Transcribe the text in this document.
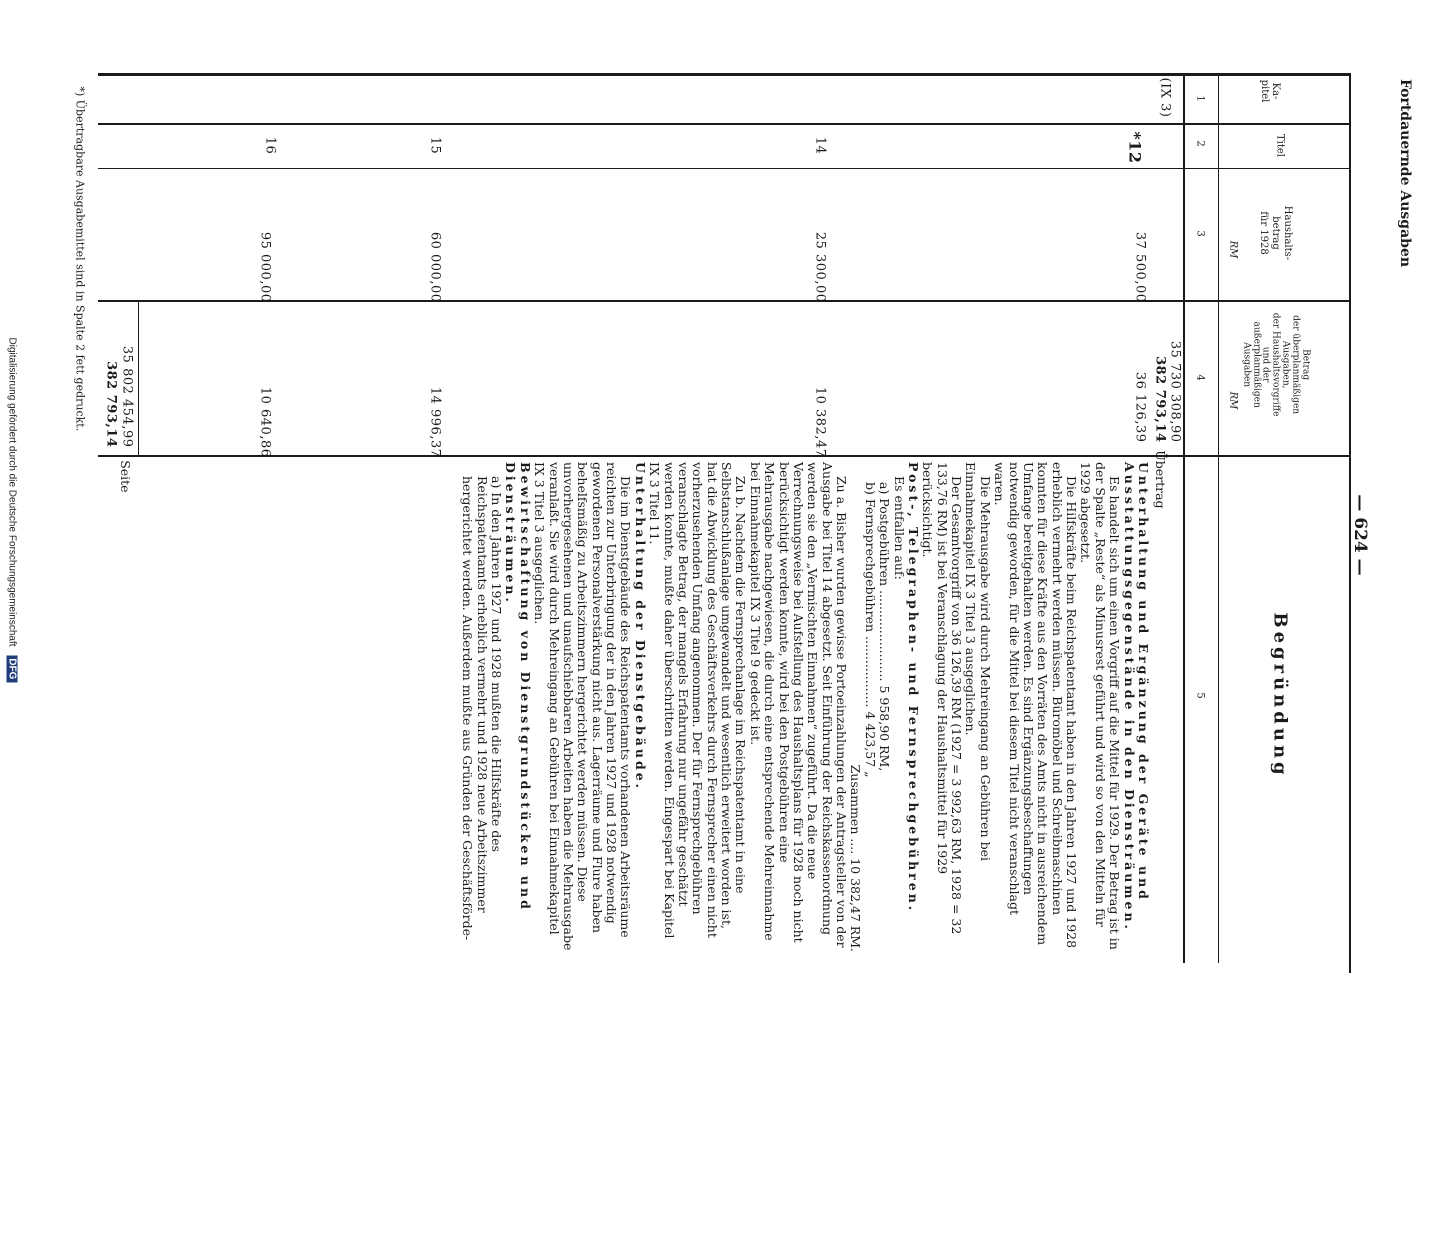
Fortdauernde Ausgaben
— 624 —
Begründung
Ka-
pitel
Titel
Haushalts-
betrag
für 1928
Betrag
der überplanmäßigen
Ausgaben,
der Haushaltsvorgriffe
und der
außerplanmäßigen
Ausgaben
1
2
3
4
5
RM
RM
(IX 3)
*12
37 500,00
35 730 308,90
382 793,14
36 126,39
14
25 300,00
10 382,47
15
60 000,00
14 996,37
16
95 000,00
10 640,86
35 802 454,99
382 793,14
Seite	Übertrag

Unterhaltung und Ergänzung der Geräte und Ausstattungsgegenstände in den Diensträumen.

Es handelt sich um einen Vorgriff auf die Mittel für 1929. Der Betrag ist in der Spalte „Reste“ als Minusrest geführt und wird so von den Mitteln für 1929 abgesetzt.

Die Hilfskräfte beim Reichspatentamt haben in den Jahren 1927 und 1928 erheblich vermehrt werden müssen. Büromöbel und Schreibmaschinen konnten für diese Kräfte aus den Vorräten des Amts nicht in ausreichendem Umfange bereitgehalten werden. Es sind Ergänzungsbeschaffungen notwendig geworden, für die Mittel bei diesem Titel nicht veranschlagt waren.

Die Mehrausgabe wird durch Mehreingang an Gebühren bei Einnahmekapitel IX 3 Titel 3 ausgeglichen.

Der Gesamtvorgriff von 36 126,39 RM (1927 = 3 992,63 RM, 1928 = 32 133,76 RM) ist bei Veranschlagung der Haushaltsmittel für 1929 berücksichtigt.

Post-, Telegraphen- und Fernsprechgebühren.

Es entfallen auf:

a) Postgebühren ....................... 5 958,90 RM,

b) Fernsprechgebühren .................. 4 423,57 „

Zusammen .... 10 382,47 RM.

Zu a. Bisher wurden gewisse Portoeinzahlungen der Antragsteller von der Ausgabe bei Titel 14 abgesetzt. Seit Einführung der Reichskassenordnung werden sie den „Vermischten Einnahmen“ zugeführt. Da die neue Verrechnungsweise bei Aufstellung des Haushaltsplans für 1928 noch nicht berücksichtigt werden konnte, wird bei den Postgebühren eine Mehrausgabe nachgewiesen, die durch eine entsprechende Mehreinnahme bei Einnahmekapitel IX 3 Titel 9 gedeckt ist.

Zu b. Nachdem die Fernsprechanlage im Reichspatentamt in eine Selbstanschlußanlage umgewandelt und wesentlich erweitert worden ist, hat die Abwicklung des Geschäftsverkehrs durch Fernsprecher einen nicht vorherzusehenden Umfang angenommen. Der für Fernsprechgebühren veranschlagte Betrag, der mangels Erfahrung nur ungefähr geschätzt werden konnte, mußte daher überschritten werden. Eingespart bei Kapitel IX 3 Titel 11.

Unterhaltung der Dienstgebäude.

Die im Dienstgebäude des Reichspatentamts vorhandenen Arbeitsräume reichten zur Unterbringung der in den Jahren 1927 und 1928 notwendig gewordenen Personalverstärkung nicht aus. Lagerräume und Flure haben behelfsmäßig zu Arbeitszimmern hergerichtet werden müssen. Diese unvorhergesehenen und unaufschiebbaren Arbeiten haben die Mehrausgabe veranlaßt. Sie wird durch Mehreingang an Gebühren bei Einnahmekapitel IX 3 Titel 3 ausgeglichen.

Bewirtschaftung von Dienstgrundstücken und Diensträumen.

a) In den Jahren 1927 und 1928 mußten die Hilfskräfte des Reichspatentamts erheblich vermehrt und 1928 neue Arbeitszimmer hergerichtet werden. Außerdem mußte aus Gründen der Geschäftsförde-

*) Übertragbare Ausgabemittel sind in Spalte 2 fett gedruckt.
Digitalisierung gefördert durch die Deutsche Forschungsgemeinschaft DFG
